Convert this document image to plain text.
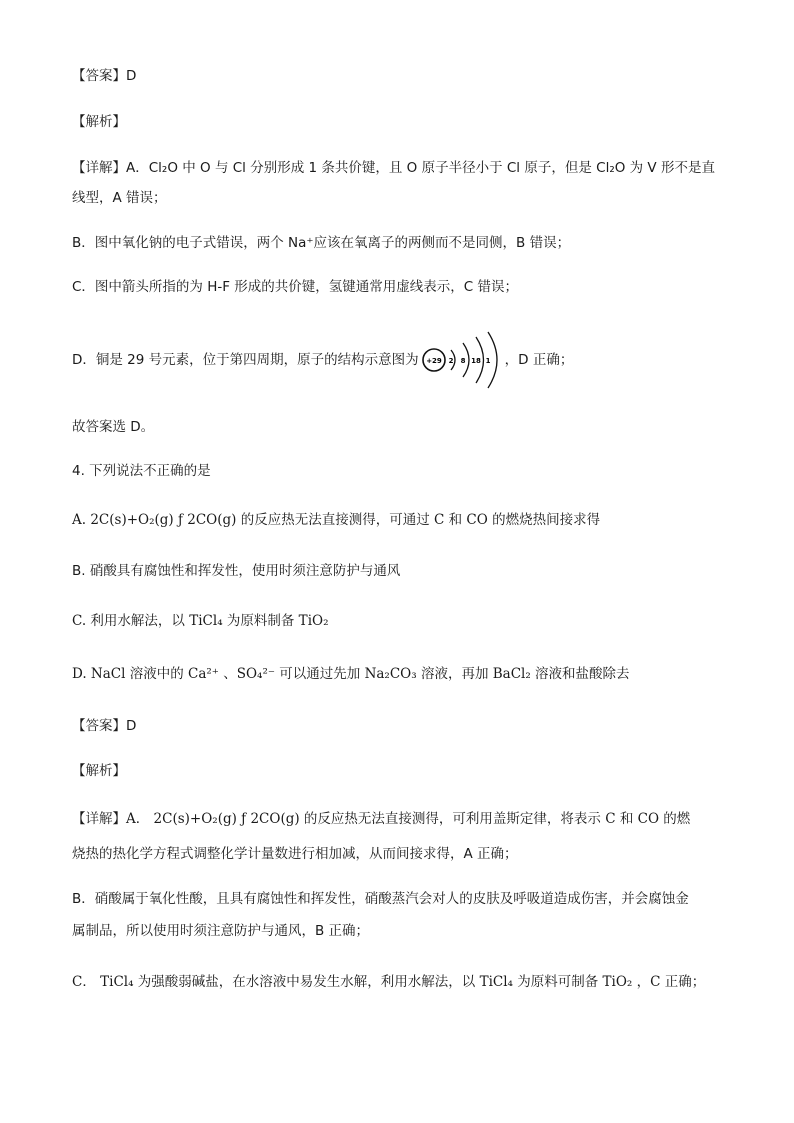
【答案】D
【解析】
【详解】A．Cl₂O 中 O 与 Cl 分别形成 1 条共价键，且 O 原子半径小于 Cl 原子，但是 Cl₂O 为 V 形不是直
线型，A 错误；
B．图中氧化钠的电子式错误，两个 Na⁺应该在氧离子的两侧而不是同侧，B 错误；
C．图中箭头所指的为 H-F 形成的共价键，氢键通常用虚线表示，C 错误；
D．铜是 29 号元素，位于第四周期，原子的结构示意图为 +29 2 8 18 1 ，D 正确；
故答案选 D。
4. 下列说法不正确的是
A. 2C(s)+O₂(g) ƒ 2CO(g) 的反应热无法直接测得，可通过 C 和 CO 的燃烧热间接求得
B. 硝酸具有腐蚀性和挥发性，使用时须注意防护与通风
C. 利用水解法，以 TiCl₄ 为原料制备 TiO₂
D. NaCl 溶液中的 Ca²⁺ 、SO₄²⁻ 可以通过先加 Na₂CO₃ 溶液，再加 BaCl₂ 溶液和盐酸除去
【答案】D
【解析】
【详解】A． 2C(s)+O₂(g) ƒ 2CO(g) 的反应热无法直接测得，可利用盖斯定律，将表示 C 和 CO 的燃
烧热的热化学方程式调整化学计量数进行相加减，从而间接求得，A 正确；
B．硝酸属于氧化性酸，且具有腐蚀性和挥发性，硝酸蒸汽会对人的皮肤及呼吸道造成伤害，并会腐蚀金
属制品，所以使用时须注意防护与通风，B 正确；
C． TiCl₄ 为强酸弱碱盐，在水溶液中易发生水解，利用水解法，以 TiCl₄ 为原料可制备 TiO₂ ，C 正确；
